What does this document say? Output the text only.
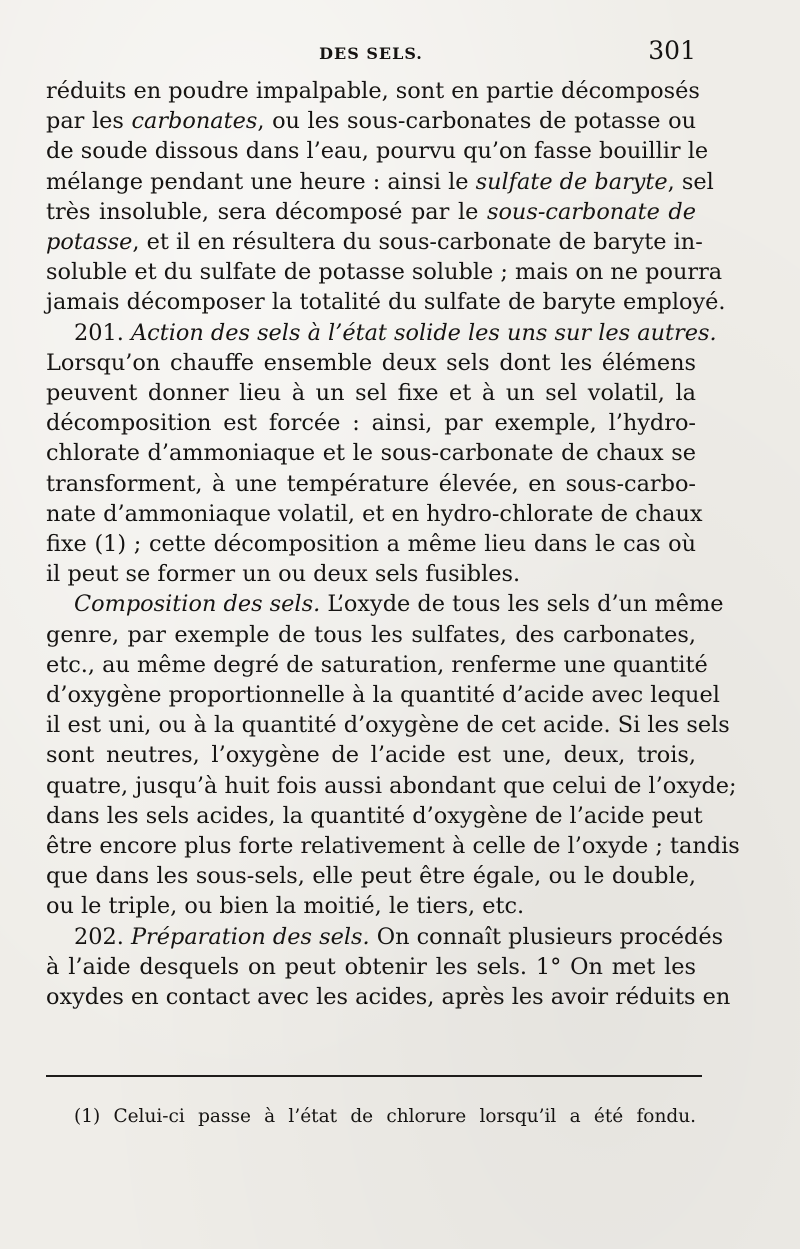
DES SELS.	301
réduits en poudre impalpable, sont en partie décomposés
par les carbonates, ou les sous-carbonates de potasse ou
de soude dissous dans l’eau, pourvu qu’on fasse bouillir le
mélange pendant une heure : ainsi le sulfate de baryte, sel
très insoluble, sera décomposé par le sous-carbonate de
potasse, et il en résultera du sous-carbonate de baryte in-
soluble et du sulfate de potasse soluble ; mais on ne pourra
jamais décomposer la totalité du sulfate de baryte employé.
201. Action des sels à l’état solide les uns sur les autres.
Lorsqu’on chauffe ensemble deux sels dont les élémens
peuvent donner lieu à un sel fixe et à un sel volatil, la
décomposition est forcée : ainsi, par exemple, l’hydro-
chlorate d’ammoniaque et le sous-carbonate de chaux se
transforment, à une température élevée, en sous-carbo-
nate d’ammoniaque volatil, et en hydro-chlorate de chaux
fixe (1) ; cette décomposition a même lieu dans le cas où
il peut se former un ou deux sels fusibles.
Composition des sels. L’oxyde de tous les sels d’un même
genre, par exemple de tous les sulfates, des carbonates,
etc., au même degré de saturation, renferme une quantité
d’oxygène proportionnelle à la quantité d’acide avec lequel
il est uni, ou à la quantité d’oxygène de cet acide. Si les sels
sont neutres, l’oxygène de l’acide est une, deux, trois,
quatre, jusqu’à huit fois aussi abondant que celui de l’oxyde;
dans les sels acides, la quantité d’oxygène de l’acide peut
être encore plus forte relativement à celle de l’oxyde ; tandis
que dans les sous-sels, elle peut être égale, ou le double,
ou le triple, ou bien la moitié, le tiers, etc.
202. Préparation des sels. On connaît plusieurs procédés
à l’aide desquels on peut obtenir les sels. 1° On met les
oxydes en contact avec les acides, après les avoir réduits en
(1) Celui-ci passe à l’état de chlorure lorsqu’il a été fondu.
